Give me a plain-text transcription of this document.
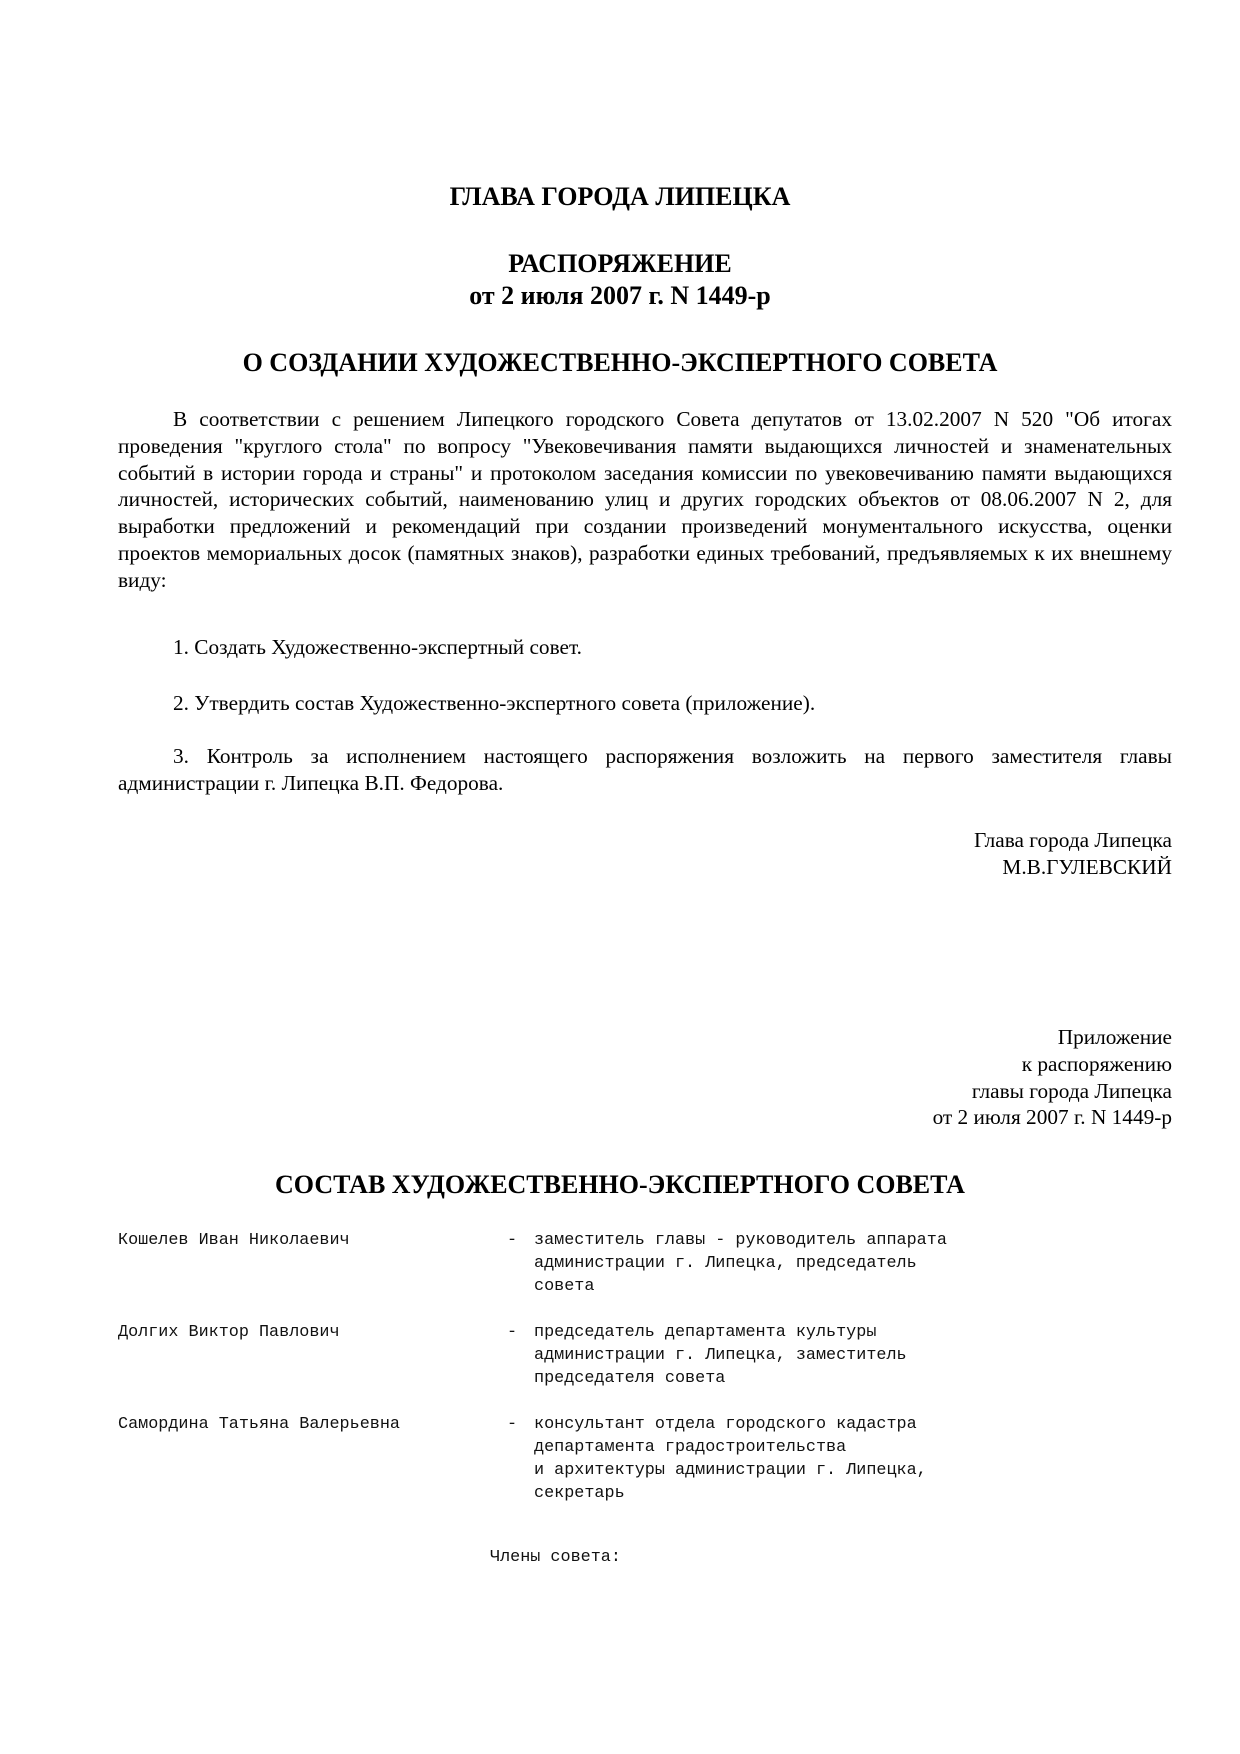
ГЛАВА ГОРОДА ЛИПЕЦКА
РАСПОРЯЖЕНИЕ
от 2 июля 2007 г. N 1449-р
О СОЗДАНИИ ХУДОЖЕСТВЕННО-ЭКСПЕРТНОГО СОВЕТА
В соответствии с решением Липецкого городского Совета депутатов от 13.02.2007 N 520 "Об итогах проведения "круглого стола" по вопросу "Увековечивания памяти выдающихся личностей и знаменательных событий в истории города и страны" и протоколом заседания комиссии по увековечиванию памяти выдающихся личностей, исторических событий, наименованию улиц и других городских объектов от 08.06.2007 N 2, для выработки предложений и рекомендаций при создании произведений монументального искусства, оценки проектов мемориальных досок (памятных знаков), разработки единых требований, предъявляемых к их внешнему виду:
1. Создать Художественно-экспертный совет.
2. Утвердить состав Художественно-экспертного совета (приложение).
3. Контроль за исполнением настоящего распоряжения возложить на первого заместителя главы администрации г. Липецка В.П. Федорова.
Глава города Липецка
М.В.ГУЛЕВСКИЙ
Приложение
к распоряжению
главы города Липецка
от 2 июля 2007 г. N 1449-р
СОСТАВ ХУДОЖЕСТВЕННО-ЭКСПЕРТНОГО СОВЕТА
Кошелев Иван Николаевич	-	заместитель главы - руководитель аппарата
администрации г. Липецка, председатель
совета
Долгих Виктор Павлович	-	председатель департамента культуры
администрации г. Липецка, заместитель
председателя совета
Самордина Татьяна Валерьевна	-	консультант отдела городского кадастра
департамента градостроительства
и архитектуры администрации г. Липецка,
секретарь
Члены совета:
